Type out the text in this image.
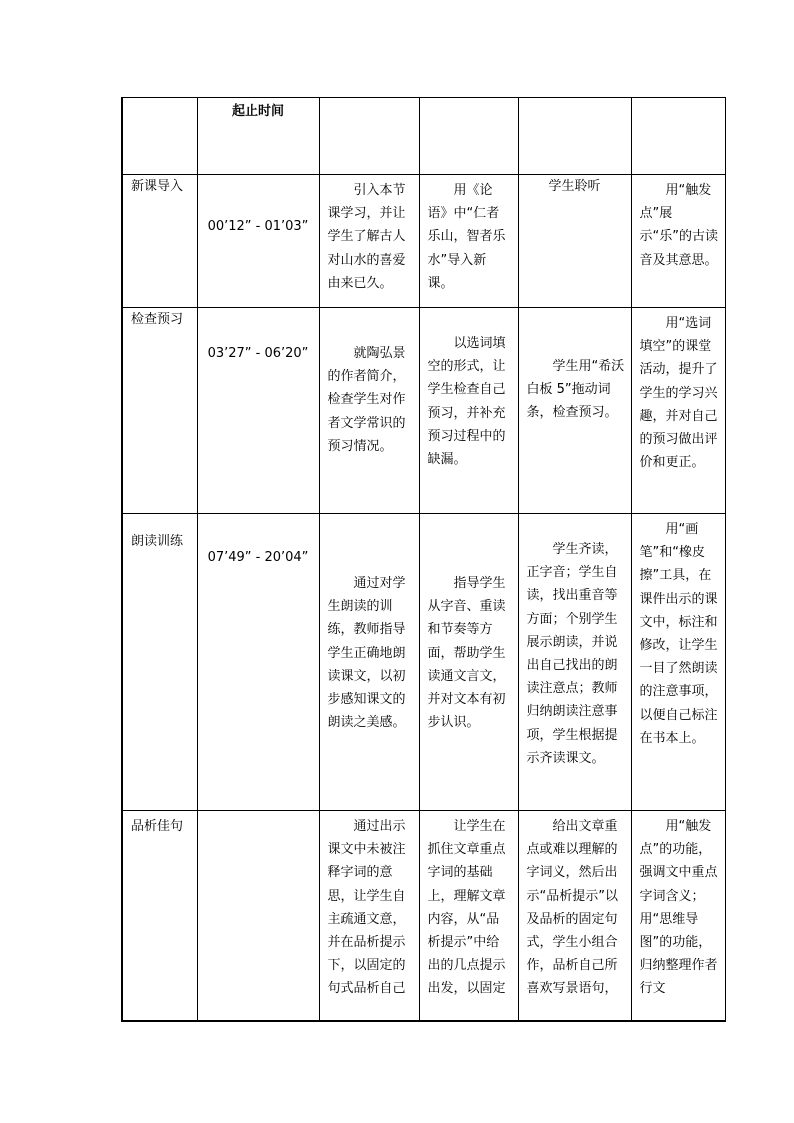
	起止时间				

新课导入	00’12” - 01’03”	引入本节课学习，并让学生了解古人对山水的喜爱由来已久。	用《论语》中“仁者乐山，智者乐水”导入新课。	学生聆听	用“触发点”展示“乐”的古读音及其意思。

检查预习	03’27” - 06’20”	就陶弘景的作者简介，检查学生对作者文学常识的预习情况。	以选词填空的形式，让学生检查自己预习，并补充预习过程中的缺漏。	学生用“希沃白板 5”拖动词条，检查预习。	用“选词填空”的课堂活动，提升了学生的学习兴趣，并对自己的预习做出评价和更正。

朗读训练	07’49” - 20’04”	通过对学生朗读的训练，教师指导学生正确地朗读课文，以初步感知课文的朗读之美感。	指导学生从字音、重读和节奏等方面，帮助学生读通文言文，并对文本有初步认识。	学生齐读，正字音；学生自读，找出重音等方面；个别学生展示朗读，并说出自己找出的朗读注意点；教师归纳朗读注意事项，学生根据提示齐读课文。	用“画笔”和“橡皮擦”工具，在课件出示的课文中，标注和修改，让学生一目了然朗读的注意事项，以便自己标注在书本上。

品析佳句		通过出示课文中未被注释字词的意思，让学生自主疏通文意，并在品析提示下，以固定的句式品析自己	让学生在抓住文章重点字词的基础上，理解文章内容，从“品析提示”中给出的几点提示出发，以固定	给出文章重点或难以理解的字词义，然后出示“品析提示”以及品析的固定句式，学生小组合作，品析自己所喜欢写景语句，	用“触发点”的功能，强调文中重点字词含义；用“思维导图”的功能，归纳整理作者行文
